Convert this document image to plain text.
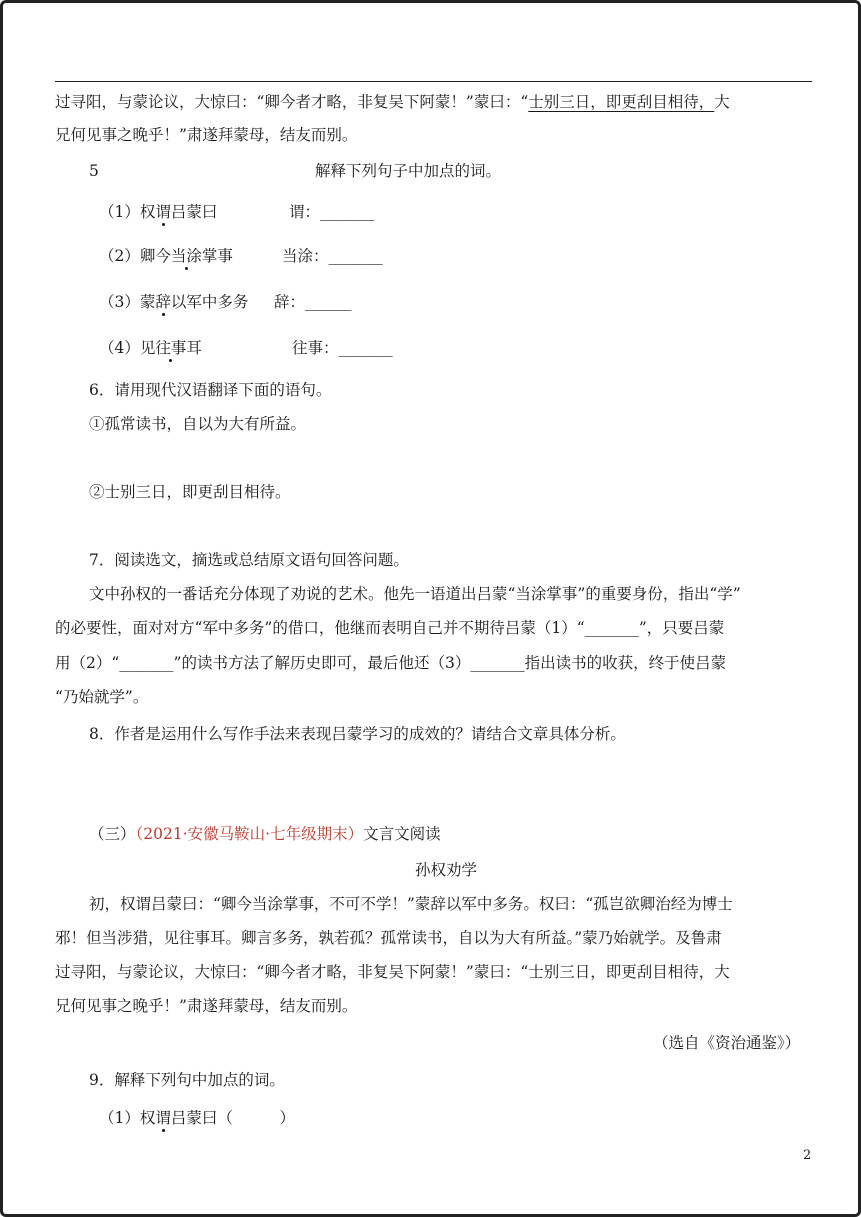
过寻阳，与蒙论议，大惊曰：“卿今者才略，非复吴下阿蒙！”蒙曰：“士别三日，即更刮目相待，大
兄何见事之晚乎！”肃遂拜蒙母，结友而别。
5	解释下列句子中加点的词。
（1）权谓吕蒙曰	谓：_______
（2）卿今当涂掌事	当涂：_______
（3）蒙辞以军中多务 辞：______
（4）见往事耳	往事：_______
6．请用现代汉语翻译下面的语句。
①孤常读书，自以为大有所益。
②士别三日，即更刮目相待。
7．阅读选文，摘选或总结原文语句回答问题。
文中孙权的一番话充分体现了劝说的艺术。他先一语道出吕蒙“当涂掌事”的重要身份，指出“学”
的必要性，面对对方“军中多务”的借口，他继而表明自己并不期待吕蒙（1）“_______”，只要吕蒙
用（2）“_______”的读书方法了解历史即可，最后他还（3）_______指出读书的收获，终于使吕蒙
“乃始就学”。
8．作者是运用什么写作手法来表现吕蒙学习的成效的？请结合文章具体分析。
（三）（2021·安徽马鞍山·七年级期末）文言文阅读
孙权劝学
初，权谓吕蒙曰：“卿今当涂掌事，不可不学！”蒙辞以军中多务。权曰：“孤岂欲卿治经为博士
邪！但当涉猎，见往事耳。卿言多务，孰若孤？孤常读书，自以为大有所益。”蒙乃始就学。及鲁肃
过寻阳，与蒙论议，大惊曰：“卿今者才略，非复吴下阿蒙！”蒙曰：“士别三日，即更刮目相待，大
兄何见事之晚乎！”肃遂拜蒙母，结友而别。
（选自《资治通鉴》）
9．解释下列句中加点的词。
（1）权谓吕蒙曰（　　　	）
2
